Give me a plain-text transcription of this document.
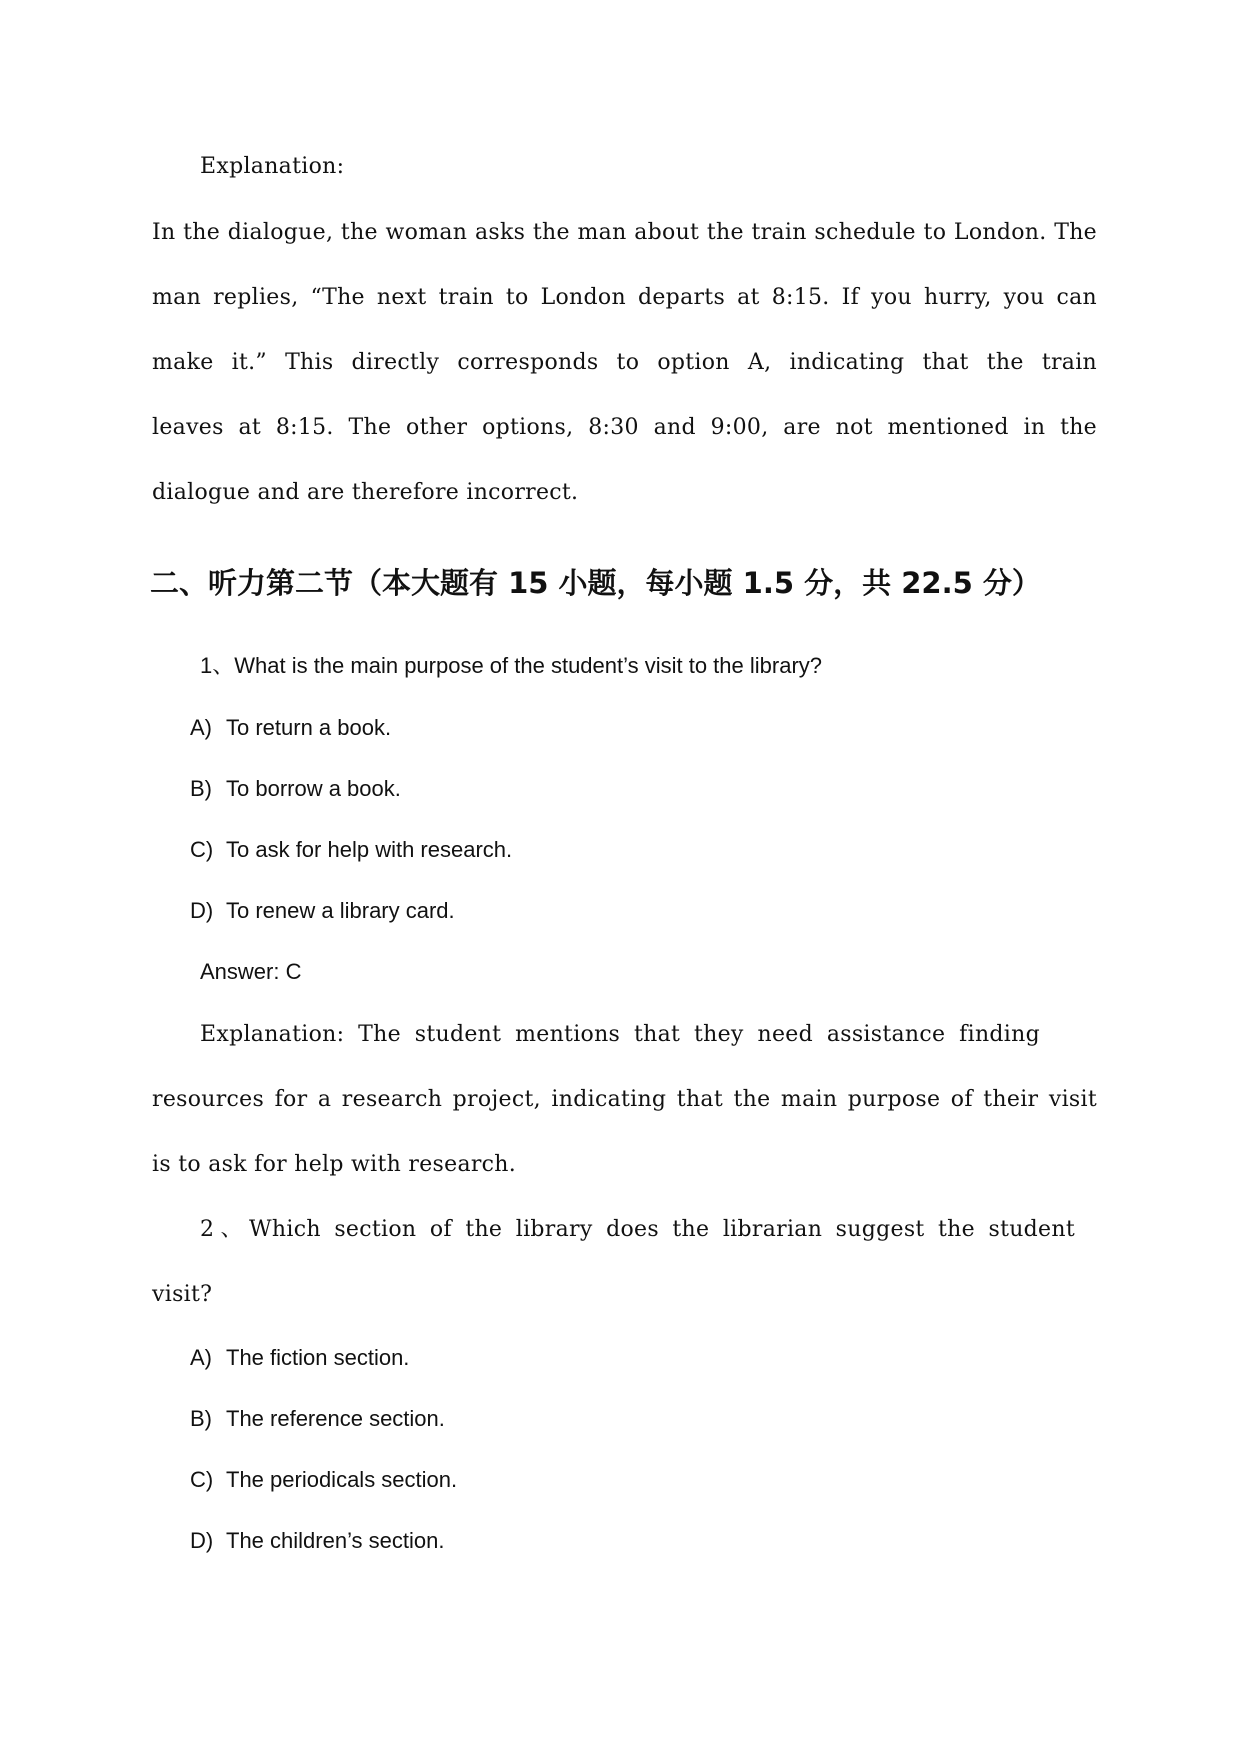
Explanation:
In the dialogue, the woman asks the man about the train schedule to London. The
man replies, “The next train to London departs at 8:15. If you hurry, you can
make it.” This directly corresponds to option A, indicating that the train
leaves at 8:15. The other options, 8:30 and 9:00, are not mentioned in the
dialogue and are therefore incorrect.
二、听力第二节（本大题有 15 小题，每小题 1.5 分，共 22.5 分）
1、What is the main purpose of the student’s visit to the library?
A) To return a book.
B) To borrow a book.
C) To ask for help with research.
D) To renew a library card.
Answer: C
Explanation: The student mentions that they need assistance finding
resources for a research project, indicating that the main purpose of their visit
is to ask for help with research.
2、Which section of the library does the librarian suggest the student
visit?
A) The fiction section.
B) The reference section.
C) The periodicals section.
D) The children’s section.
